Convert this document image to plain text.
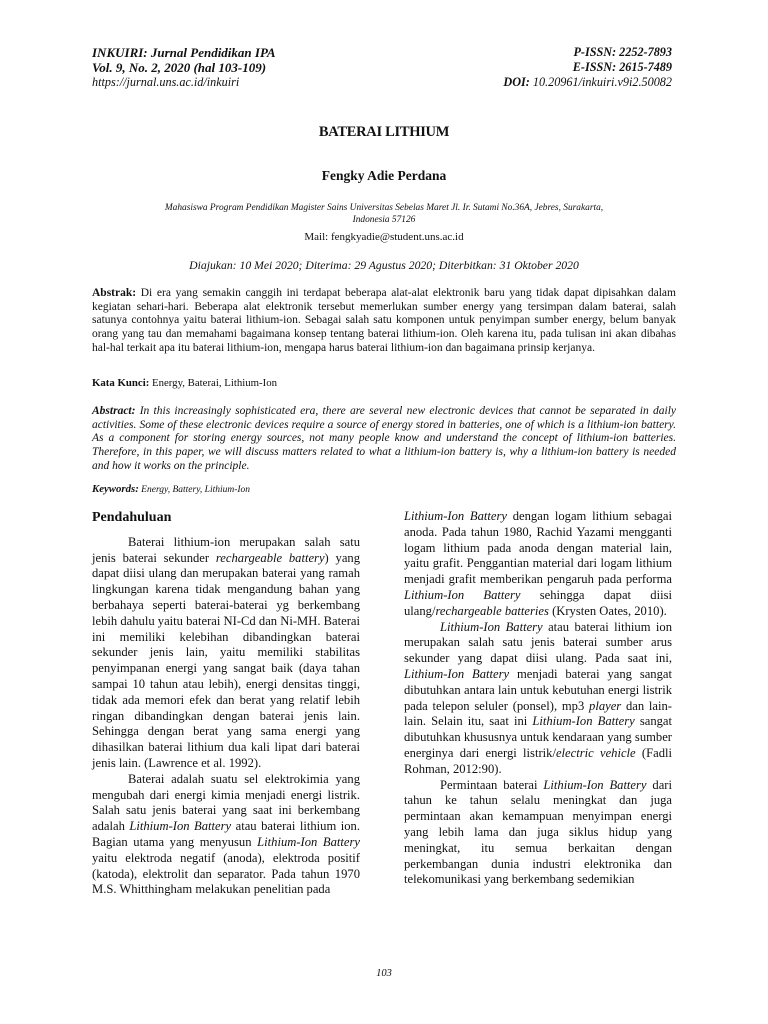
INKUIRI: Jurnal Pendidikan IPA
Vol. 9, No. 2, 2020 (hal 103-109)
https://jurnal.uns.ac.id/inkuiri
P-ISSN: 2252-7893
E-ISSN: 2615-7489
DOI: 10.20961/inkuiri.v9i2.50082
BATERAI LITHIUM
Fengky Adie Perdana
Mahasiswa Program Pendidikan Magister Sains Universitas Sebelas Maret Jl. Ir. Sutami No.36A, Jebres, Surakarta,
Indonesia 57126
Mail: fengkyadie@student.uns.ac.id
Diajukan: 10 Mei 2020; Diterima: 29 Agustus 2020; Diterbitkan: 31 Oktober 2020
Abstrak: Di era yang semakin canggih ini terdapat beberapa alat-alat elektronik baru yang tidak dapat dipisahkan dalam kegiatan sehari-hari. Beberapa alat elektronik tersebut memerlukan sumber energy yang tersimpan dalam baterai, salah satunya contohnya yaitu baterai lithium-ion. Sebagai salah satu komponen untuk penyimpan sumber energy, belum banyak orang yang tau dan memahami bagaimana konsep tentang baterai lithium-ion. Oleh karena itu, pada tulisan ini akan dibahas hal-hal terkait apa itu baterai lithium-ion, mengapa harus baterai lithium-ion dan bagaimana prinsip kerjanya.
Kata Kunci: Energy, Baterai, Lithium-Ion
Abstract: In this increasingly sophisticated era, there are several new electronic devices that cannot be separated in daily activities. Some of these electronic devices require a source of energy stored in batteries, one of which is a lithium-ion battery. As a component for storing energy sources, not many people know and understand the concept of lithium-ion batteries. Therefore, in this paper, we will discuss matters related to what a lithium-ion battery is, why a lithium-ion battery is needed and how it works on the principle.
Keywords: Energy, Battery, Lithium-Ion
Pendahuluan

Baterai lithium-ion merupakan salah satu jenis baterai sekunder rechargeable battery) yang dapat diisi ulang dan merupakan baterai yang ramah lingkungan karena tidak mengandung bahan yang berbahaya seperti baterai-baterai yg berkembang lebih dahulu yaitu baterai NI-Cd dan Ni-MH. Baterai ini memiliki kelebihan dibandingkan baterai sekunder jenis lain, yaitu memiliki stabilitas penyimpanan energi yang sangat baik (daya tahan sampai 10 tahun atau lebih), energi densitas tinggi, tidak ada memori efek dan berat yang relatif lebih ringan dibandingkan dengan baterai jenis lain. Sehingga dengan berat yang sama energi yang dihasilkan baterai lithium dua kali lipat dari baterai jenis lain. (Lawrence et al. 1992).

Baterai adalah suatu sel elektrokimia yang mengubah dari energi kimia menjadi energi listrik. Salah satu jenis baterai yang saat ini berkembang adalah Lithium-Ion Battery atau baterai lithium ion. Bagian utama yang menyusun Lithium-Ion Battery yaitu elektroda negatif (anoda), elektroda positif (katoda), elektrolit dan separator. Pada tahun 1970 M.S. Whitthingham melakukan penelitian pada

Lithium-Ion Battery dengan logam lithium sebagai anoda. Pada tahun 1980, Rachid Yazami mengganti logam lithium pada anoda dengan material lain, yaitu grafit. Penggantian material dari logam lithium menjadi grafit memberikan pengaruh pada performa Lithium-Ion Battery sehingga dapat diisi ulang/rechargeable batteries (Krysten Oates, 2010).

Lithium-Ion Battery atau baterai lithium ion merupakan salah satu jenis baterai sumber arus sekunder yang dapat diisi ulang. Pada saat ini, Lithium-Ion Battery menjadi baterai yang sangat dibutuhkan antara lain untuk kebutuhan energi listrik pada telepon seluler (ponsel), mp3 player dan lain-lain. Selain itu, saat ini Lithium-Ion Battery sangat dibutuhkan khususnya untuk kendaraan yang sumber energinya dari energi listrik/electric vehicle (Fadli Rohman, 2012:90).

Permintaan baterai Lithium-Ion Battery dari tahun ke tahun selalu meningkat dan juga permintaan akan kemampuan menyimpan energi yang lebih lama dan juga siklus hidup yang meningkat, itu semua berkaitan dengan perkembangan dunia industri elektronika dan telekomunikasi yang berkembang sedemikian

103
